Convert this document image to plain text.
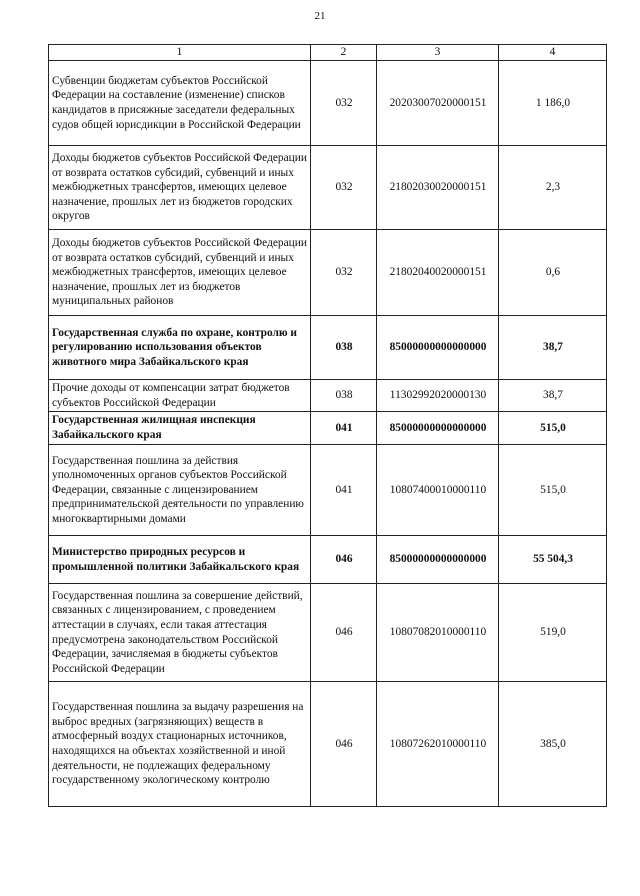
21
1	2	3	4
Субвенции бюджетам субъектов Российской Федерации на составление (изменение) списков кандидатов в присяжные заседатели федеральных судов общей юрисдикции в Российской Федерации	032	20203007020000151	1 186,0
Доходы бюджетов субъектов Российской Федерации от возврата остатков субсидий, субвенций и иных межбюджетных трансфертов, имеющих целевое назначение, прошлых лет из бюджетов городских округов	032	21802030020000151	2,3
Доходы бюджетов субъектов Российской Федерации от возврата остатков субсидий, субвенций и иных межбюджетных трансфертов, имеющих целевое назначение, прошлых лет из бюджетов муниципальных районов	032	21802040020000151	0,6
Государственная служба по охране, контролю и регулированию использования объектов животного мира Забайкальского края	038	85000000000000000	38,7
Прочие доходы от компенсации затрат бюджетов субъектов Российской Федерации	038	11302992020000130	38,7
Государственная жилищная инспекция Забайкальского края	041	85000000000000000	515,0
Государственная пошлина за действия уполномоченных органов субъектов Российской Федерации, связанные с лицензированием предпринимательской деятельности по управлению многоквартирными домами	041	10807400010000110	515,0
Министерство природных ресурсов и промышленной политики Забайкальского края	046	85000000000000000	55 504,3
Государственная пошлина за совершение действий, связанных с лицензированием, с проведением аттестации в случаях, если такая аттестация предусмотрена законодательством Российской Федерации, зачисляемая в бюджеты субъектов Российской Федерации	046	10807082010000110	519,0
Государственная пошлина за выдачу разрешения на выброс вредных (загрязняющих) веществ в атмосферный воздух стационарных источников, находящихся на объектах хозяйственной и иной деятельности, не подлежащих федеральному государственному экологическому контролю	046	10807262010000110	385,0
